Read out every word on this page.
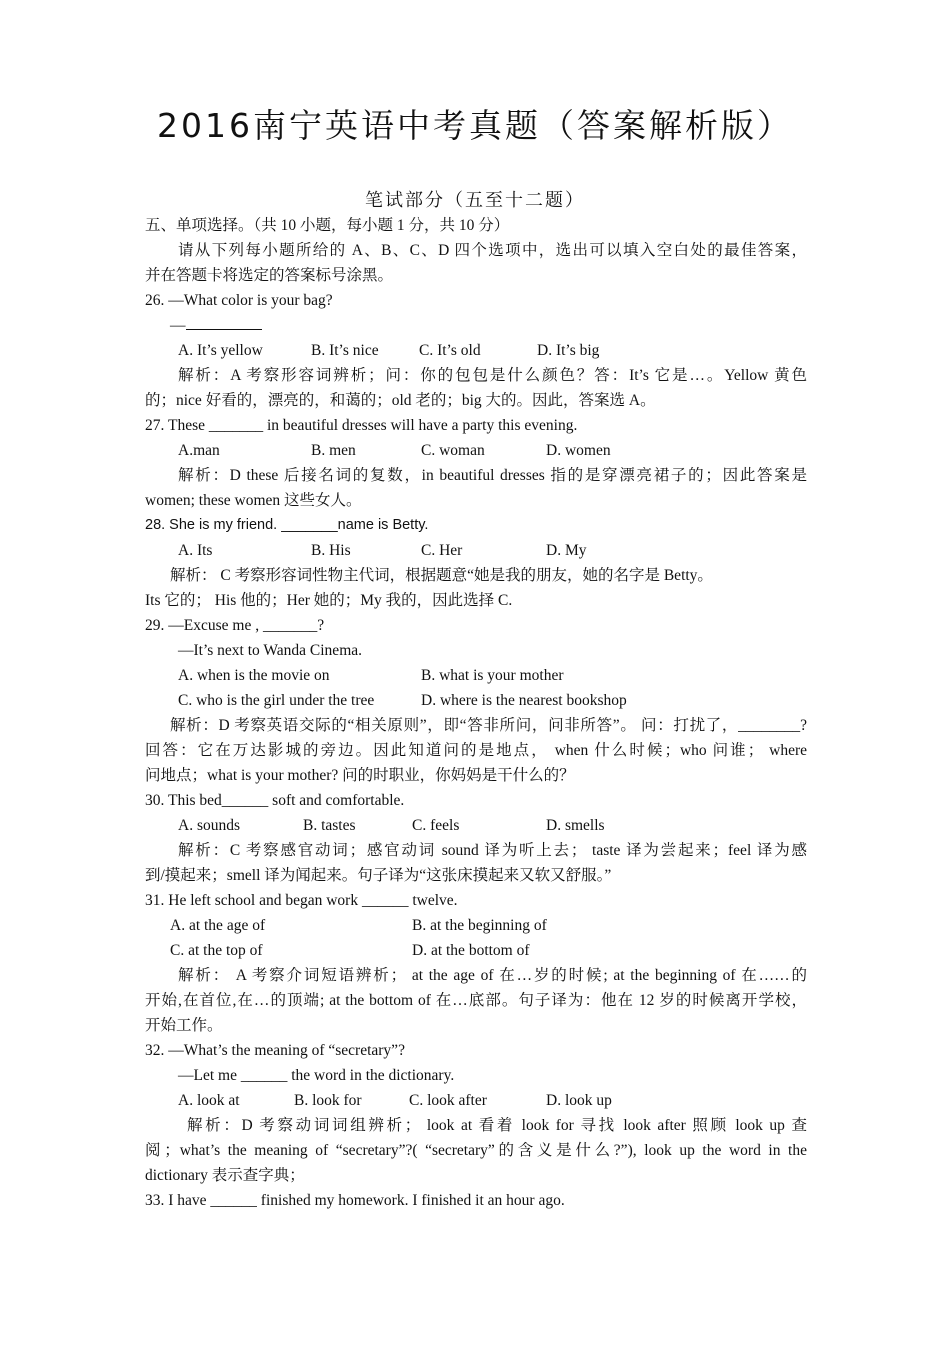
2016南宁英语中考真题（答案解析版）
笔试部分（五至十二题）
五、单项选择。（共 10 小题，每小题 1 分，共 10 分）
请从下列每小题所给的 A、B、C、D 四个选项中，选出可以填入空白处的最佳答案，
并在答题卡将选定的答案标号涂黑。
26. —What color is your bag?
—
A. It’s yellow	B. It’s nice	C. It’s old	D. It’s big
解析：A 考察形容词辨析；问：你的包包是什么颜色？答：It’s 它是…。Yellow 黄色
的；nice 好看的，漂亮的，和蔼的；old 老的；big 大的。因此，答案选 A。
27. These _______ in beautiful dresses will have a party this evening.
A.man	B. men	C. woman	D. women
解析：D these 后接名词的复数，in beautiful dresses 指的是穿漂亮裙子的；因此答案是
women; these women 这些女人。
28. She is my friend. _______name is Betty.
A. Its	B. His	C. Her	D. My
解析： C 考察形容词性物主代词，根据题意“她是我的朋友，她的名字是 Betty。
Its 它的； His 他的；Her 她的；My 我的，因此选择 C.
29. —Excuse me , _______?
—It’s next to Wanda Cinema.
A. when is the movie on	B. what is your mother
C. who is the girl under the tree	D. where is the nearest bookshop
解析：D 考察英语交际的“相关原则”，即“答非所问，问非所答”。 问：打扰了，________?
回答：它在万达影城的旁边。因此知道问的是地点， when 什么时候；who 问谁； where
问地点；what is your mother? 问的时职业，你妈妈是干什么的？
30. This bed______ soft and comfortable.
A. sounds	B. tastes	C. feels	D. smells
解析：C 考察感官动词；感官动词 sound 译为听上去； taste 译为尝起来；feel 译为感
到/摸起来；smell 译为闻起来。句子译为“这张床摸起来又软又舒服。”
31. He left school and began work ______ twelve.
A. at the age of	B. at the beginning of
C. at the top of	D. at the bottom of
解析： A 考察介词短语辨析； at the age of 在…岁的时候; at the beginning of 在……的
开始,在首位,在…的顶端; at the bottom of 在…底部。句子译为：他在 12 岁的时候离开学校，
开始工作。
32. —What’s the meaning of “secretary”?
—Let me ______ the word in the dictionary.
A. look at	B. look for	C. look after	D. look up
解析：D 考察动词词组辨析； look at 看着 look for 寻找 look after 照顾 look up 查
阅；what’s the meaning of “secretary”?( “secretary”的含义是什么?”), look up the word in the
dictionary 表示查字典；
33. I have ______ finished my homework. I finished it an hour ago.
